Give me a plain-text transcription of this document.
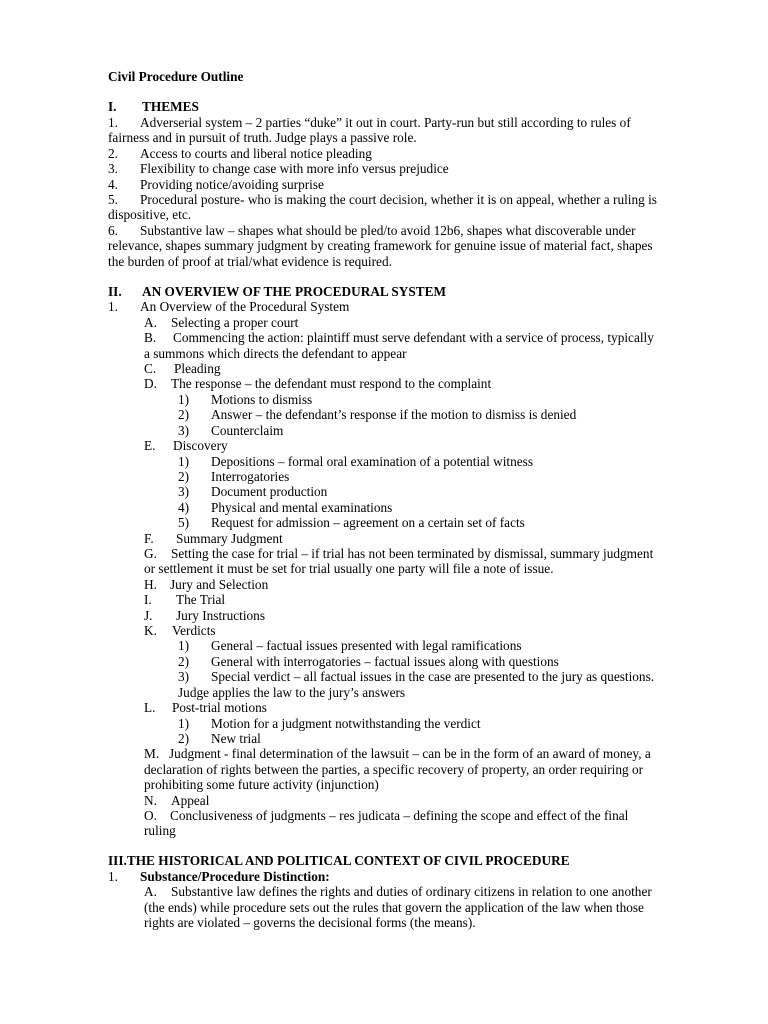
Civil Procedure Outline
I. THEMES
1. Adverserial system – 2 parties “duke” it out in court. Party-run but still according to rules of
fairness and in pursuit of truth. Judge plays a passive role.
2. Access to courts and liberal notice pleading
3. Flexibility to change case with more info versus prejudice
4. Providing notice/avoiding surprise
5. Procedural posture- who is making the court decision, whether it is on appeal, whether a ruling is
dispositive, etc.
6. Substantive law – shapes what should be pled/to avoid 12b6, shapes what discoverable under
relevance, shapes summary judgment by creating framework for genuine issue of material fact, shapes
the burden of proof at trial/what evidence is required.
II. AN OVERVIEW OF THE PROCEDURAL SYSTEM
1. An Overview of the Procedural System
A. Selecting a proper court
B. Commencing the action: plaintiff must serve defendant with a service of process, typically
a summons which directs the defendant to appear
C. Pleading
D. The response – the defendant must respond to the complaint
1) Motions to dismiss
2) Answer – the defendant’s response if the motion to dismiss is denied
3) Counterclaim
E. Discovery
1) Depositions – formal oral examination of a potential witness
2) Interrogatories
3) Document production
4) Physical and mental examinations
5) Request for admission – agreement on a certain set of facts
F. Summary Judgment
G. Setting the case for trial – if trial has not been terminated by dismissal, summary judgment
or settlement it must be set for trial usually one party will file a note of issue.
H. Jury and Selection
I. The Trial
J. Jury Instructions
K. Verdicts
1) General – factual issues presented with legal ramifications
2) General with interrogatories – factual issues along with questions
3) Special verdict – all factual issues in the case are presented to the jury as questions.
Judge applies the law to the jury’s answers
L. Post-trial motions
1) Motion for a judgment notwithstanding the verdict
2) New trial
M. Judgment - final determination of the lawsuit – can be in the form of an award of money, a
declaration of rights between the parties, a specific recovery of property, an order requiring or
prohibiting some future activity (injunction)
N. Appeal
O. Conclusiveness of judgments – res judicata – defining the scope and effect of the final
ruling
III.THE HISTORICAL AND POLITICAL CONTEXT OF CIVIL PROCEDURE
1. Substance/Procedure Distinction:
A. Substantive law defines the rights and duties of ordinary citizens in relation to one another
(the ends) while procedure sets out the rules that govern the application of the law when those
rights are violated – governs the decisional forms (the means).
